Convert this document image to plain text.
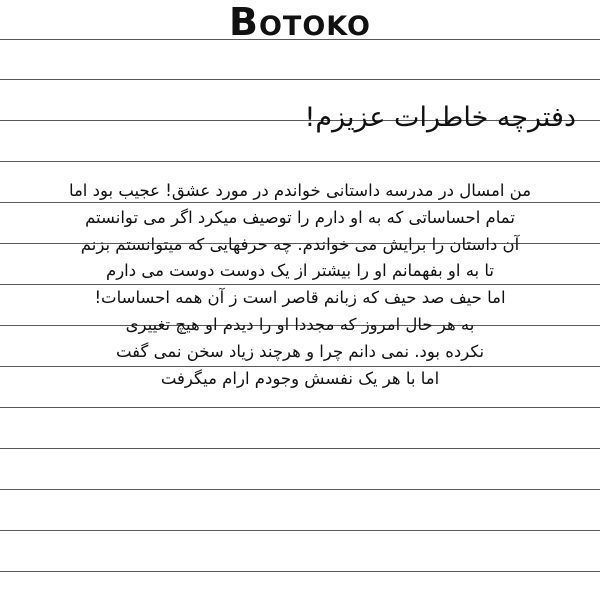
Botoko
دفترچه خاطرات عزیزم!
من امسال در مدرسه داستانی خواندم در مورد عشق! عجیب بود اما
تمام احساساتی که به او دارم را توصیف میکرد اگر می توانستم
آن داستان را برایش می خواندم. چه حرفهایی که میتوانستم بزنم
تا به او بفهمانم او را بیشتر از یک دوست دوست می دارم
اما حیف صد حیف که زبانم قاصر است ز آن همه احساسات!
به هر حال امروز که مجددا او را دیدم او هیچ تغییری
نکرده بود. نمی دانم چرا و هرچند زیاد سخن نمی گفت
اما با هر یک نفسش وجودم ارام میگرفت
